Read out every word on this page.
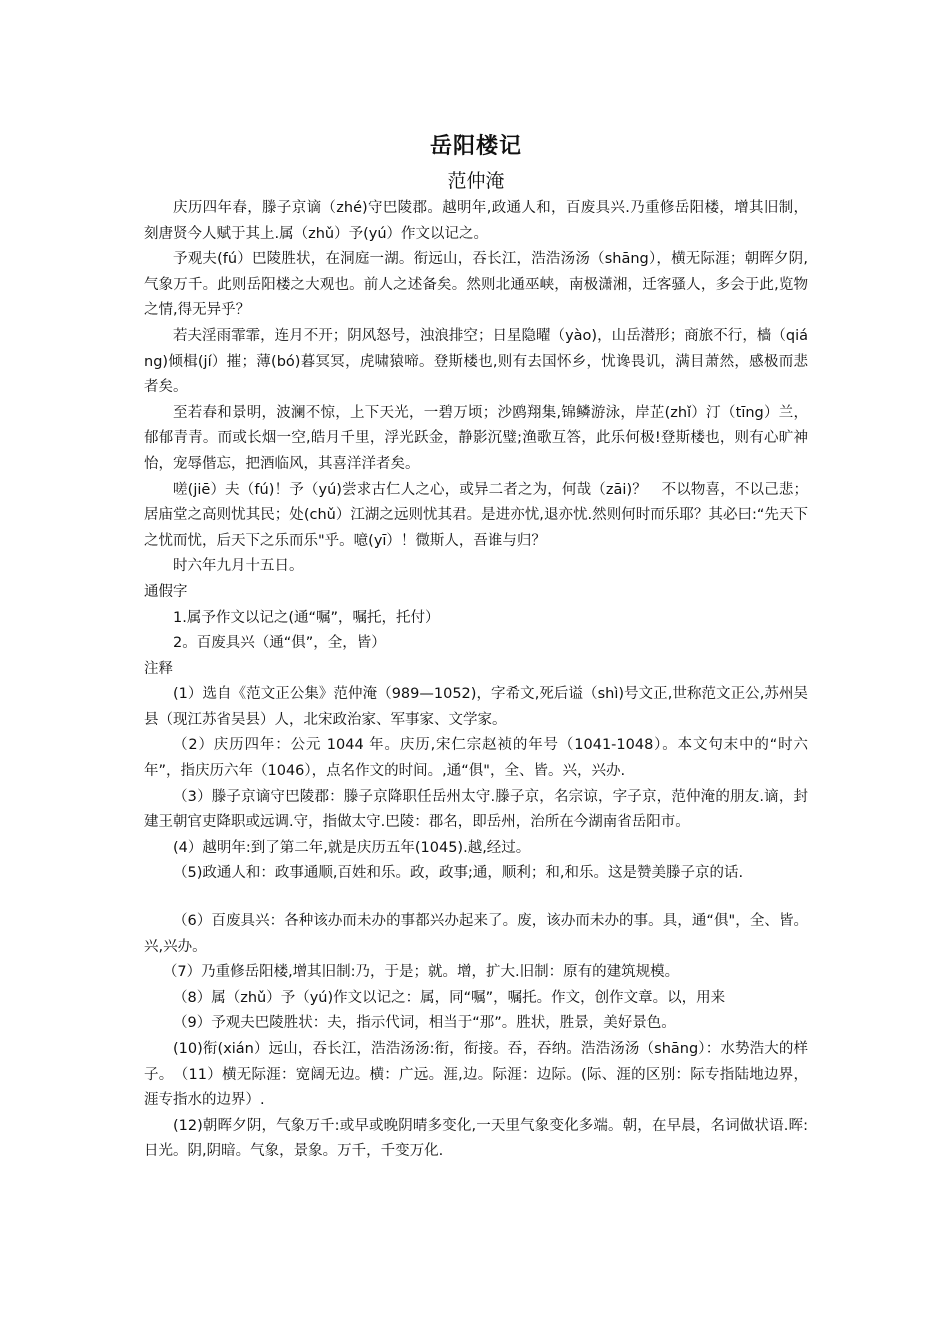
岳阳楼记
范仲淹

庆历四年春，滕子京谪（zhé)守巴陵郡。越明年,政通人和，百废具兴.乃重修岳阳楼，增其旧制，刻唐贤今人赋于其上.属（zhǔ）予(yú）作文以记之。

予观夫(fú）巴陵胜状，在洞庭一湖。衔远山，吞长江，浩浩汤汤（shāng），横无际涯；朝晖夕阴,气象万千。此则岳阳楼之大观也。前人之述备矣。然则北通巫峡，南极潇湘，迁客骚人，多会于此,览物之情,得无异乎？

若夫淫雨霏霏，连月不开；阴风怒号，浊浪排空；日星隐曜（yào)，山岳潜形；商旅不行，樯（qiáng)倾楫(jí）摧；薄(bó)暮冥冥，虎啸猿啼。登斯楼也,则有去国怀乡，忧谗畏讥，满目萧然，感极而悲者矣。

至若春和景明，波澜不惊，上下天光，一碧万顷；沙鸥翔集,锦鳞游泳，岸芷(zhǐ）汀（tīng）兰，郁郁青青。而或长烟一空,皓月千里，浮光跃金，静影沉璧;渔歌互答，此乐何极!登斯楼也，则有心旷神怡，宠辱偕忘，把酒临风，其喜洋洋者矣。

嗟(jiē）夫（fú)！予（yú)尝求古仁人之心，或异二者之为，何哉（zāi)？　不以物喜，不以己悲；居庙堂之高则忧其民；处(chǔ）江湖之远则忧其君。是进亦忧,退亦忧.然则何时而乐耶？其必曰:“先天下之忧而忧，后天下之乐而乐"乎。噫(yī）！微斯人，吾谁与归？

时六年九月十五日。

通假字

1.属予作文以记之(通“嘱”，嘱托，托付）

2。百废具兴（通“俱”，全，皆）

注释

(1）选自《范文正公集》范仲淹（989—1052)，字希文,死后谥（shì)号文正,世称范文正公,苏州吴县（现江苏省吴县）人，北宋政治家、军事家、文学家。

（2）庆历四年：公元 1044 年。庆历,宋仁宗赵祯的年号（1041-1048）。本文句末中的“时六年”，指庆历六年（1046），点名作文的时间。,通“俱"，全、皆。兴，兴办.

（3）滕子京谪守巴陵郡：滕子京降职任岳州太守.滕子京，名宗谅，字子京，范仲淹的朋友.谪，封建王朝官吏降职或远调.守，指做太守.巴陵：郡名，即岳州，治所在今湖南省岳阳市。

(4）越明年:到了第二年,就是庆历五年(1045).越,经过。

（5)政通人和：政事通顺,百姓和乐。政，政事;通，顺利；和,和乐。这是赞美滕子京的话.

（6）百废具兴：各种该办而未办的事都兴办起来了。废，该办而未办的事。具，通“俱"，全、皆。兴,兴办。

（7）乃重修岳阳楼,增其旧制:乃，于是；就。增，扩大.旧制：原有的建筑规模。

（8）属（zhǔ）予（yú)作文以记之：属，同“嘱”，嘱托。作文，创作文章。以，用来

（9）予观夫巴陵胜状：夫，指示代词，相当于“那”。胜状，胜景，美好景色。

(10)衔(xián）远山，吞长江，浩浩汤汤:衔，衔接。吞，吞纳。浩浩汤汤（shāng）：水势浩大的样子。　（11）横无际涯：宽阔无边。横：广远。涯,边。际涯：边际。(际、涯的区别：际专指陆地边界，涯专指水的边界）.

(12)朝晖夕阴，气象万千:或早或晚阴晴多变化,一天里气象变化多端。朝，在早晨，名词做状语.晖:日光。阴,阴暗。气象，景象。万千，千变万化.
